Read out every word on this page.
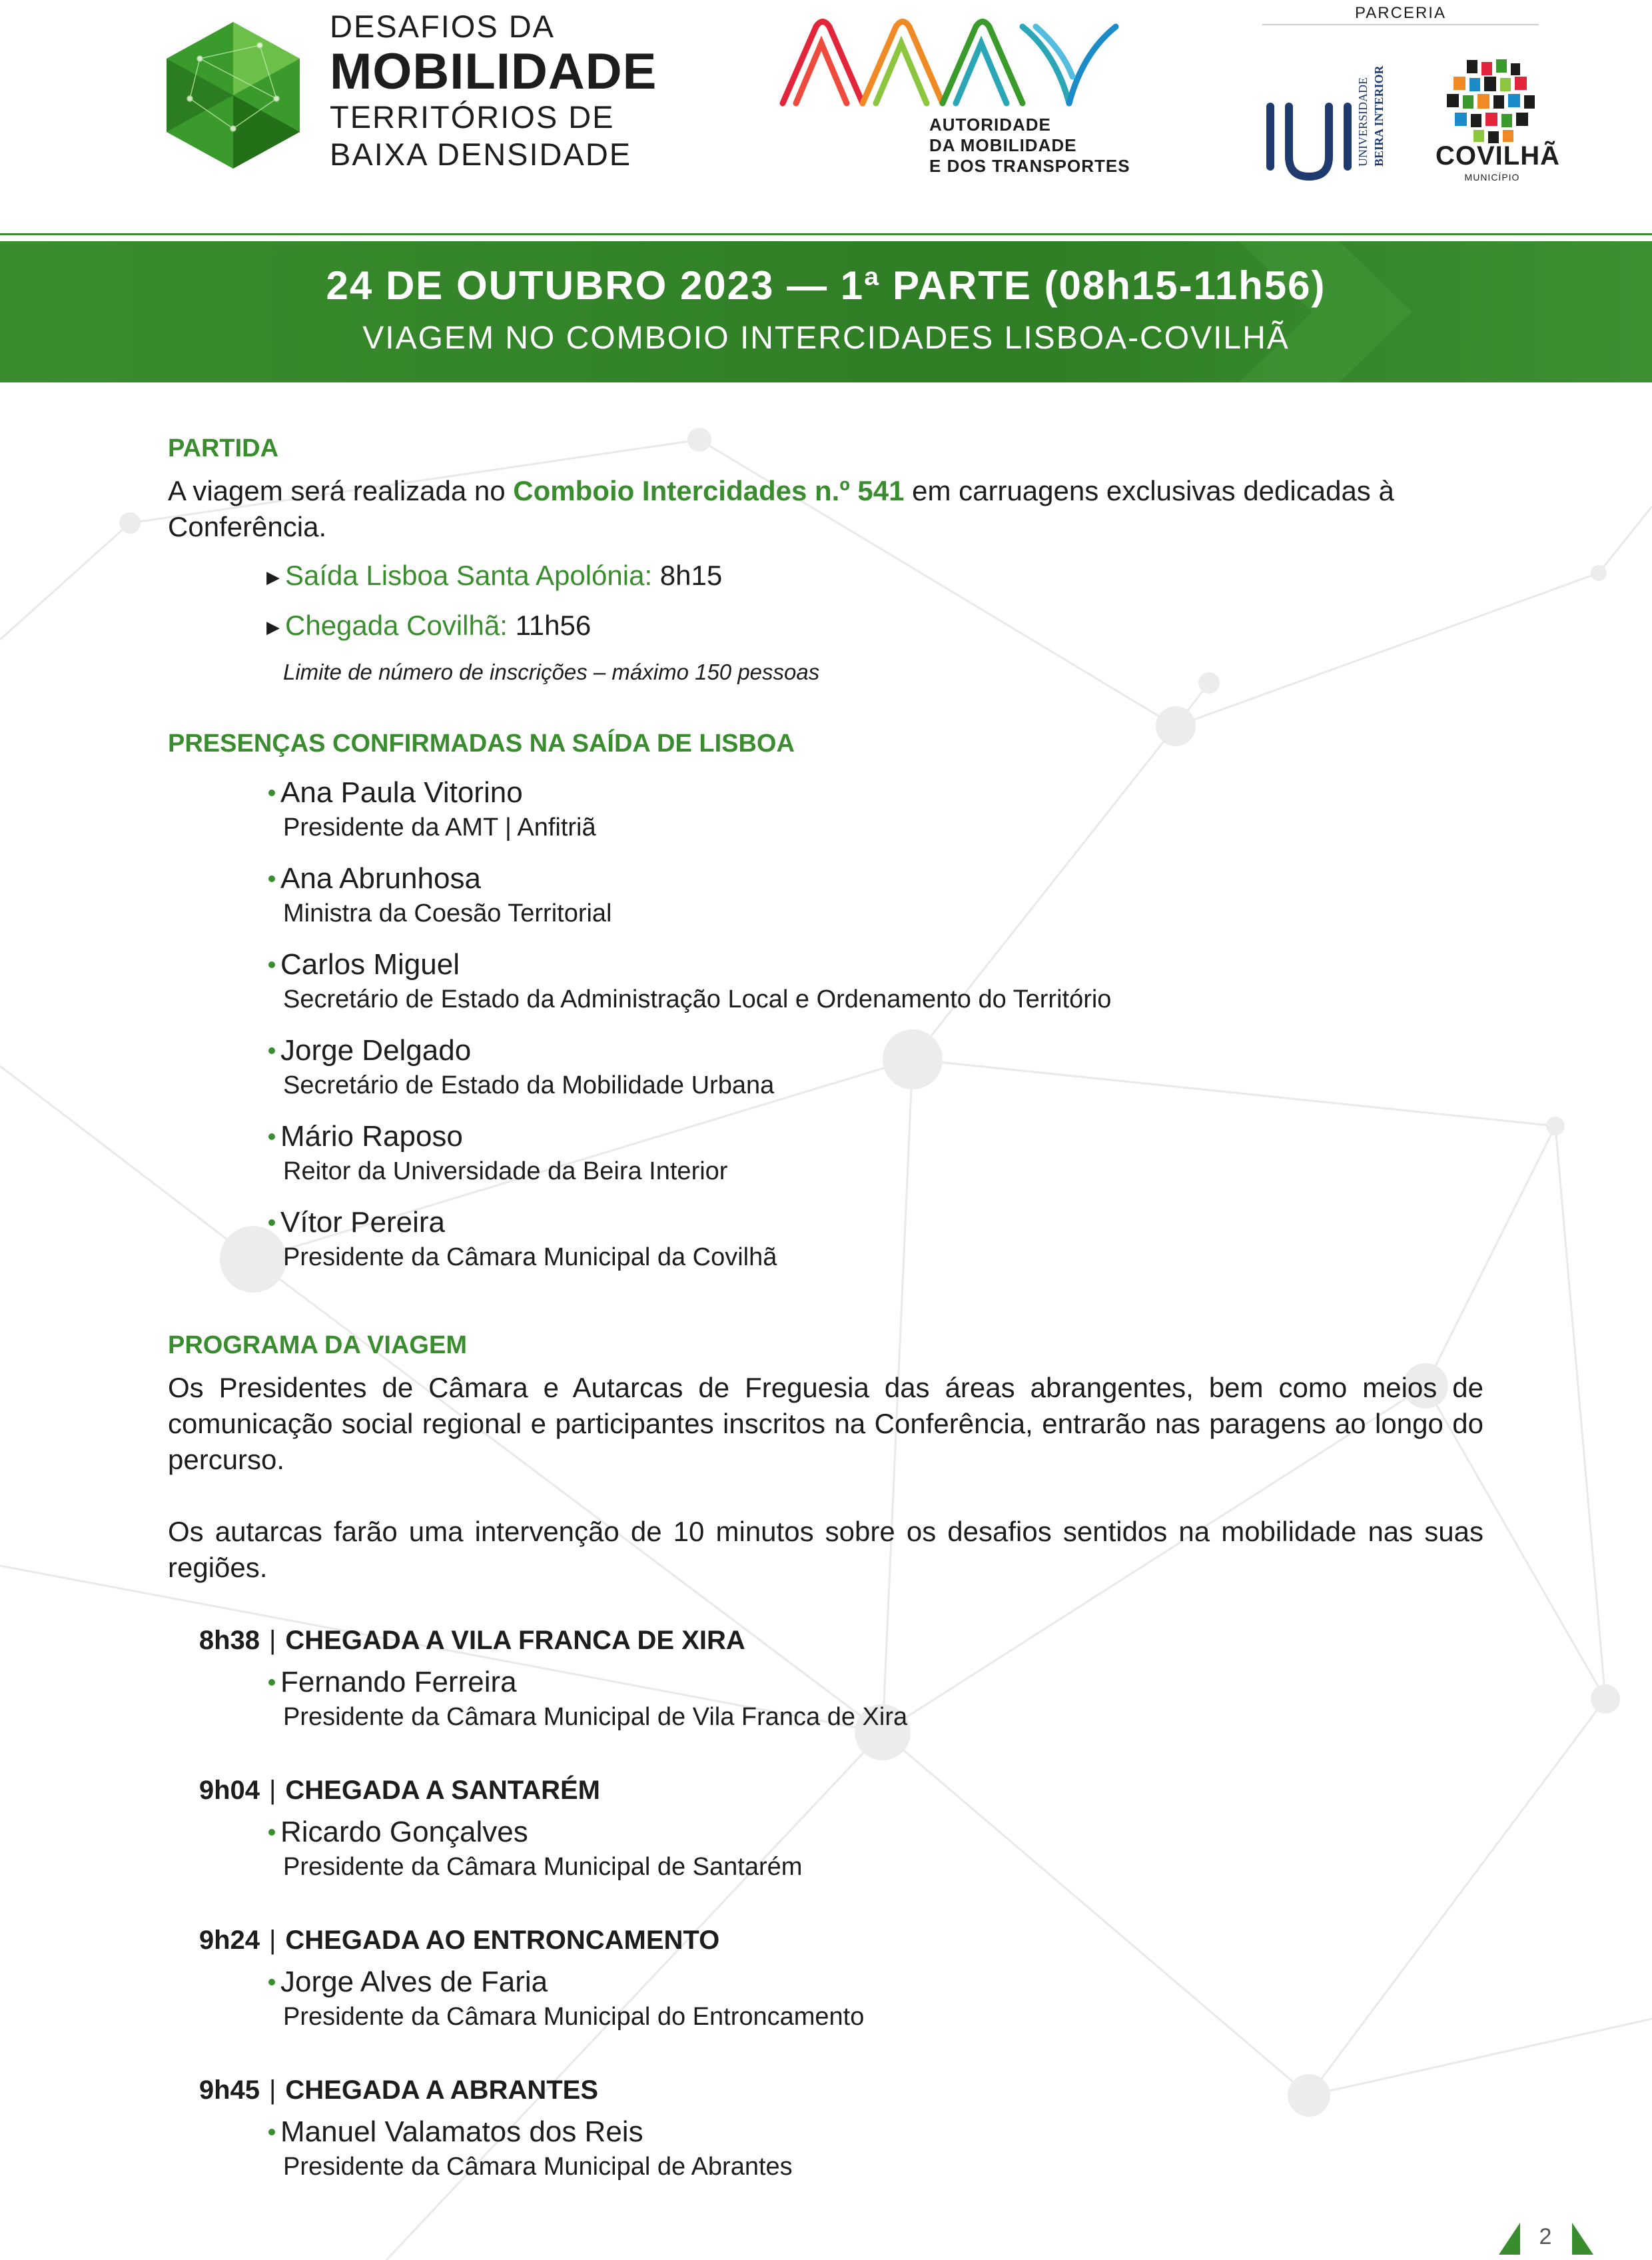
DESAFIOS DA
MOBILIDADE
TERRITÓRIOS DE
BAIXA DENSIDADE
AUTORIDADE
DA MOBILIDADE
E DOS TRANSPORTES
PARCERIA
UNIVERSIDADE BEIRA INTERIOR COVILHÃ
MUNICÍPIO
24 DE OUTUBRO 2023 — 1ª PARTE (08h15-11h56)
VIAGEM NO COMBOIO INTERCIDADES LISBOA-COVILHÃ
PARTIDA
A viagem será realizada no Comboio Intercidades n.º 541 em carruagens exclusivas dedicadas à Conferência.
▶ Saída Lisboa Santa Apolónia: 8h15
▶ Chegada Covilhã: 11h56
Limite de número de inscrições – máximo 150 pessoas
PRESENÇAS CONFIRMADAS NA SAÍDA DE LISBOA
Ana Paula Vitorino
Presidente da AMT | Anfitriã
Ana Abrunhosa
Ministra da Coesão Territorial
Carlos Miguel
Secretário de Estado da Administração Local e Ordenamento do Território
Jorge Delgado
Secretário de Estado da Mobilidade Urbana
Mário Raposo
Reitor da Universidade da Beira Interior
Vítor Pereira
Presidente da Câmara Municipal da Covilhã
PROGRAMA DA VIAGEM
Os Presidentes de Câmara e Autarcas de Freguesia das áreas abrangentes, bem como meios de comunicação social regional e participantes inscritos na Conferência, entrarão nas paragens ao longo do percurso.
Os autarcas farão uma intervenção de 10 minutos sobre os desafios sentidos na mobilidade nas suas regiões.
8h38 | CHEGADA A VILA FRANCA DE XIRA
Fernando Ferreira
Presidente da Câmara Municipal de Vila Franca de Xira
9h04 | CHEGADA A SANTARÉM
Ricardo Gonçalves
Presidente da Câmara Municipal de Santarém
9h24 | CHEGADA AO ENTRONCAMENTO
Jorge Alves de Faria
Presidente da Câmara Municipal do Entroncamento
9h45 | CHEGADA A ABRANTES
Manuel Valamatos dos Reis
Presidente da Câmara Municipal de Abrantes
2
